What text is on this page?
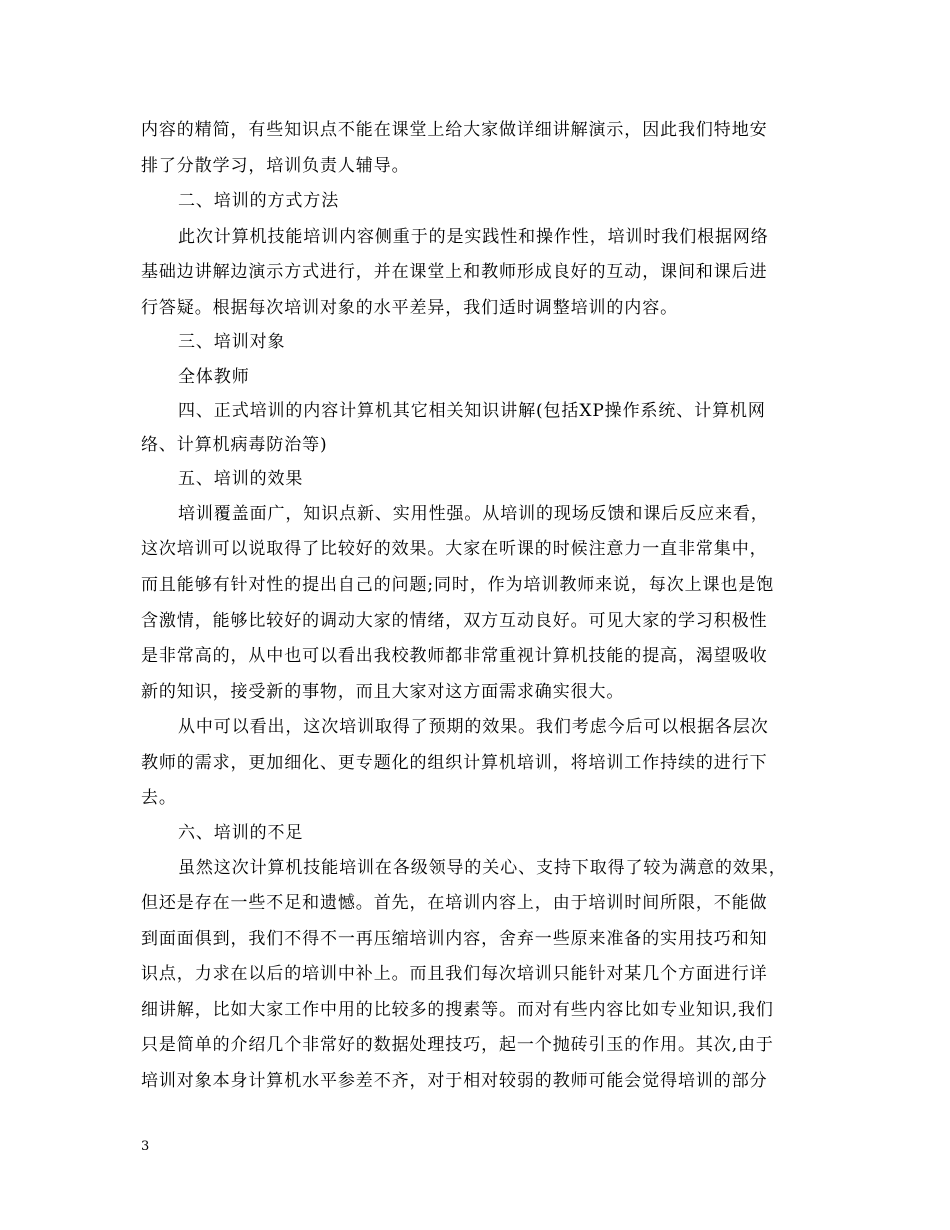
内容的精简，有些知识点不能在课堂上给大家做详细讲解演示，因此我们特地安
排了分散学习，培训负责人辅导。
二、培训的方式方法
此次计算机技能培训内容侧重于的是实践性和操作性，培训时我们根据网络
基础边讲解边演示方式进行，并在课堂上和教师形成良好的互动，课间和课后进
行答疑。根据每次培训对象的水平差异，我们适时调整培训的内容。
三、培训对象
全体教师
四、正式培训的内容计算机其它相关知识讲解(包括XP操作系统、计算机网
络、计算机病毒防治等)
五、培训的效果
培训覆盖面广，知识点新、实用性强。从培训的现场反馈和课后反应来看，
这次培训可以说取得了比较好的效果。大家在听课的时候注意力一直非常集中，
而且能够有针对性的提出自己的问题;同时，作为培训教师来说，每次上课也是饱
含激情，能够比较好的调动大家的情绪，双方互动良好。可见大家的学习积极性
是非常高的，从中也可以看出我校教师都非常重视计算机技能的提高，渴望吸收
新的知识，接受新的事物，而且大家对这方面需求确实很大。
从中可以看出，这次培训取得了预期的效果。我们考虑今后可以根据各层次
教师的需求，更加细化、更专题化的组织计算机培训，将培训工作持续的进行下
去。
六、培训的不足
虽然这次计算机技能培训在各级领导的关心、支持下取得了较为满意的效果，
但还是存在一些不足和遗憾。首先，在培训内容上，由于培训时间所限，不能做
到面面俱到，我们不得不一再压缩培训内容，舍弃一些原来准备的实用技巧和知
识点，力求在以后的培训中补上。而且我们每次培训只能针对某几个方面进行详
细讲解，比如大家工作中用的比较多的搜素等。而对有些内容比如专业知识,我们
只是简单的介绍几个非常好的数据处理技巧，起一个抛砖引玉的作用。其次,由于
培训对象本身计算机水平参差不齐，对于相对较弱的教师可能会觉得培训的部分
3
